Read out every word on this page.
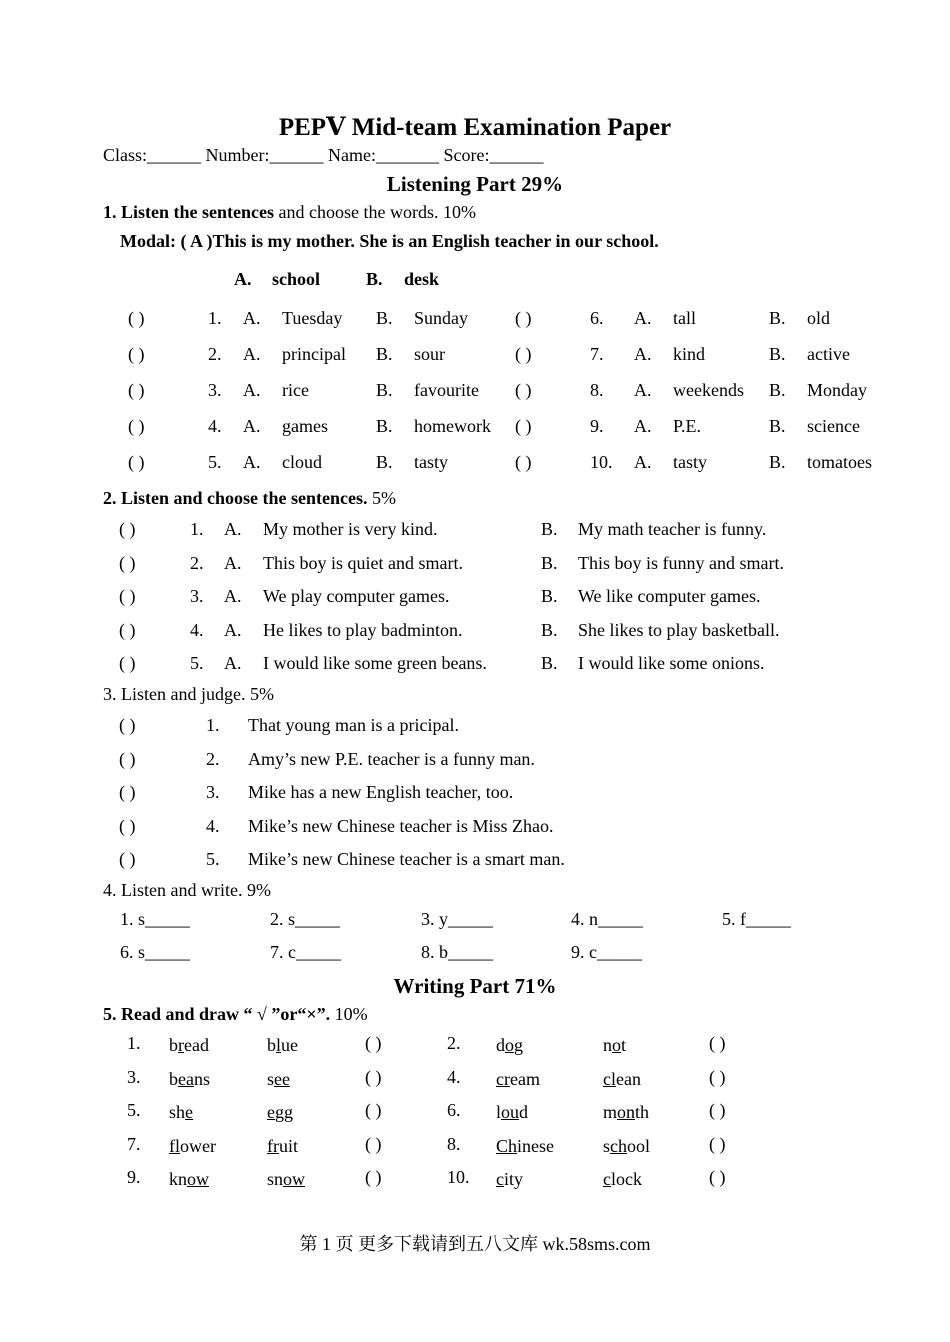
PEPⅤ Mid-team Examination Paper
Class:______ Number:______ Name:_______ Score:______
Listening Part 29%
1. Listen the sentences and choose the words. 10%
Modal: ( A )This is my mother. She is an English teacher in our school.
A. school	B. desk
( )	1. A. Tuesday B. Sunday
( )	2. A. principal B. sour
( )	3. A. rice	B. favourite
( )	4. A. games	B. homework
( )	5. A. cloud	B. tasty
( )	6. A. tall	B. old
( )	7. A. kind	B. active
( )	8. A. weekends B. Monday
( )	9. A. P.E.	B. science
( )	10. A. tasty	B. tomatoes
2. Listen and choose the sentences. 5%
( )	1. A. My mother is very kind.	B. My math teacher is funny.
( )	2. A. This boy is quiet and smart.	B. This boy is funny and smart.
( )	3. A. We play computer games.	B. We like computer games.
( )	4. A. He likes to play badminton.	B. She likes to play basketball.
( )	5. A. I would like some green beans.	B. I would like some onions.
3. Listen and judge. 5%
( )	1. That young man is a pricipal.
( )	2. Amy’s new P.E. teacher is a funny man.
( )	3. Mike has a new English teacher, too.
( )	4. Mike’s new Chinese teacher is Miss Zhao.
( )	5. Mike’s new Chinese teacher is a smart man.
4. Listen and write. 9%
1. s_____	2. s_____	3. y_____	4. n_____	5. f_____
6. s_____	7. c_____	8. b_____	9. c_____
Writing Part 71%
5. Read and draw “ √ ”or“×”. 10%
1. bread	blue	( )	2. dog	not	( )
3. beans	see	( )	4. cream	clean	( )
5. she	egg	( )	6. loud	month	( )
7. flower	fruit	( )	8. Chinese	school	( )
9. know	snow	( )	10. city	clock	( )
第 1 页 更多下载请到五八文库 wk.58sms.com
